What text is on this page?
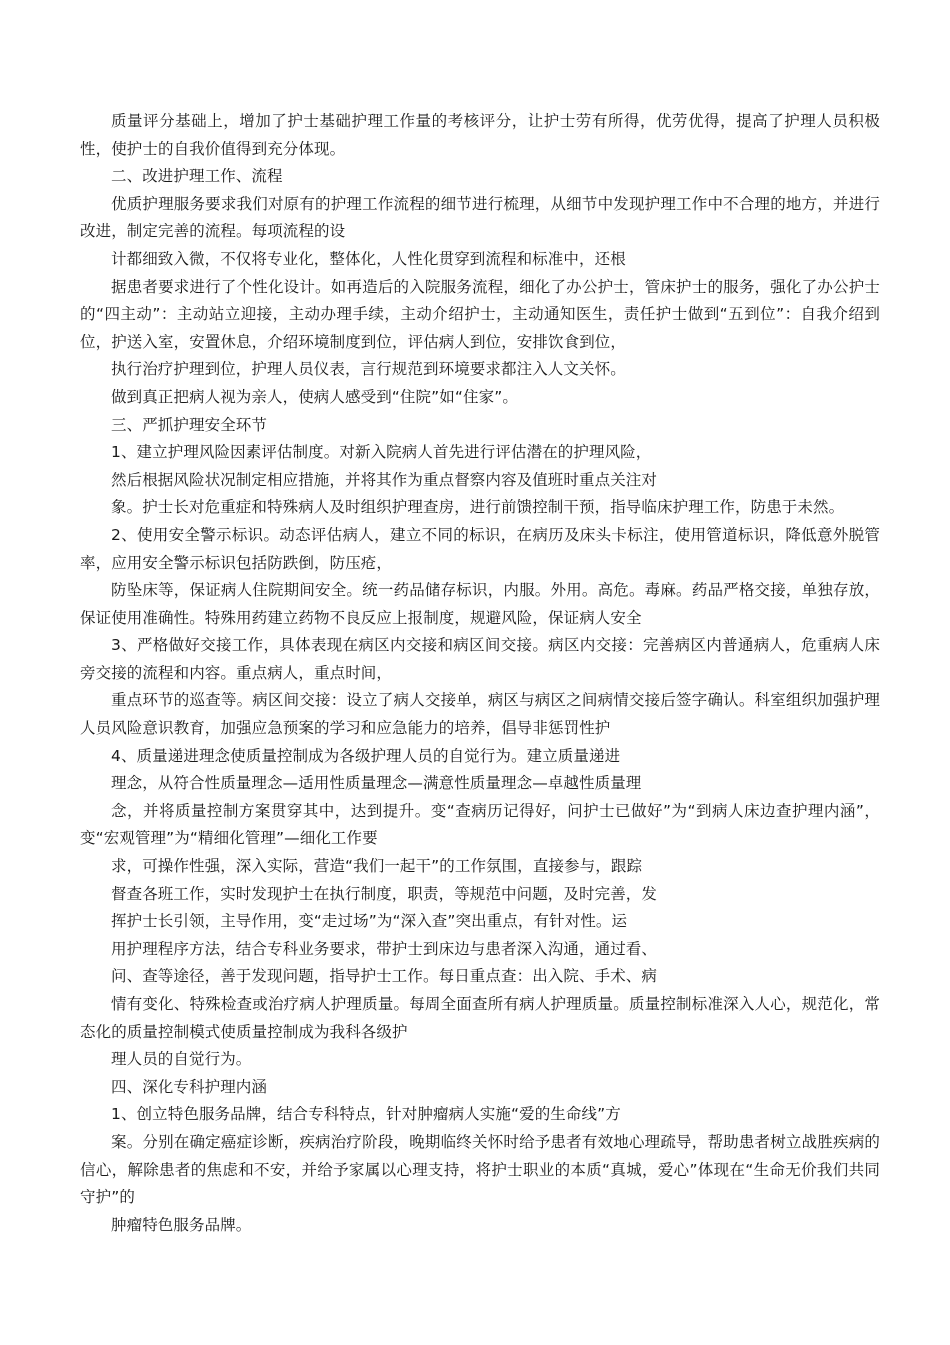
质量评分基础上，增加了护士基础护理工作量的考核评分，让护士劳有所得，优劳优得，提高了护理人员积极性，使护士的自我价值得到充分体现。

二、改进护理工作、流程

优质护理服务要求我们对原有的护理工作流程的细节进行梳理，从细节中发现护理工作中不合理的地方，并进行改进，制定完善的流程。每项流程的设

计都细致入微，不仅将专业化，整体化，人性化贯穿到流程和标准中，还根

据患者要求进行了个性化设计。如再造后的入院服务流程，细化了办公护士，管床护士的服务，强化了办公护士的“四主动”：主动站立迎接，主动办理手续，主动介绍护士，主动通知医生，责任护士做到“五到位”：自我介绍到位，护送入室，安置休息，介绍环境制度到位，评估病人到位，安排饮食到位，

执行治疗护理到位，护理人员仪表，言行规范到环境要求都注入人文关怀。

做到真正把病人视为亲人，使病人感受到“住院”如“住家”。

三、严抓护理安全环节

1、建立护理风险因素评估制度。对新入院病人首先进行评估潜在的护理风险，

然后根据风险状况制定相应措施，并将其作为重点督察内容及值班时重点关注对

象。护士长对危重症和特殊病人及时组织护理查房，进行前馈控制干预，指导临床护理工作，防患于未然。

2、使用安全警示标识。动态评估病人，建立不同的标识，在病历及床头卡标注，使用管道标识，降低意外脱管率，应用安全警示标识包括防跌倒，防压疮，

防坠床等，保证病人住院期间安全。统一药品储存标识，内服。外用。高危。毒麻。药品严格交接，单独存放，保证使用准确性。特殊用药建立药物不良反应上报制度，规避风险，保证病人安全

3、严格做好交接工作，具体表现在病区内交接和病区间交接。病区内交接：完善病区内普通病人，危重病人床旁交接的流程和内容。重点病人，重点时间，

重点环节的巡查等。病区间交接：设立了病人交接单，病区与病区之间病情交接后签字确认。科室组织加强护理人员风险意识教育，加强应急预案的学习和应急能力的培养，倡导非惩罚性护

4、质量递进理念使质量控制成为各级护理人员的自觉行为。建立质量递进

理念，从符合性质量理念—适用性质量理念—满意性质量理念—卓越性质量理

念，并将质量控制方案贯穿其中，达到提升。变“查病历记得好，问护士已做好”为“到病人床边查护理内涵”，变“宏观管理”为“精细化管理”—细化工作要

求，可操作性强，深入实际，营造“我们一起干”的工作氛围，直接参与，跟踪

督查各班工作，实时发现护士在执行制度，职责，等规范中问题，及时完善，发

挥护士长引领，主导作用，变“走过场”为“深入查”突出重点，有针对性。运

用护理程序方法，结合专科业务要求，带护士到床边与患者深入沟通，通过看、

问、查等途径，善于发现问题，指导护士工作。每日重点查：出入院、手术、病

情有变化、特殊检查或治疗病人护理质量。每周全面查所有病人护理质量。质量控制标准深入人心，规范化，常态化的质量控制模式使质量控制成为我科各级护

理人员的自觉行为。

四、深化专科护理内涵

1、创立特色服务品牌，结合专科特点，针对肿瘤病人实施“爱的生命线”方

案。分别在确定癌症诊断，疾病治疗阶段，晚期临终关怀时给予患者有效地心理疏导，帮助患者树立战胜疾病的信心，解除患者的焦虑和不安，并给予家属以心理支持，将护士职业的本质“真城，爱心”体现在“生命无价我们共同守护”的

肿瘤特色服务品牌。
